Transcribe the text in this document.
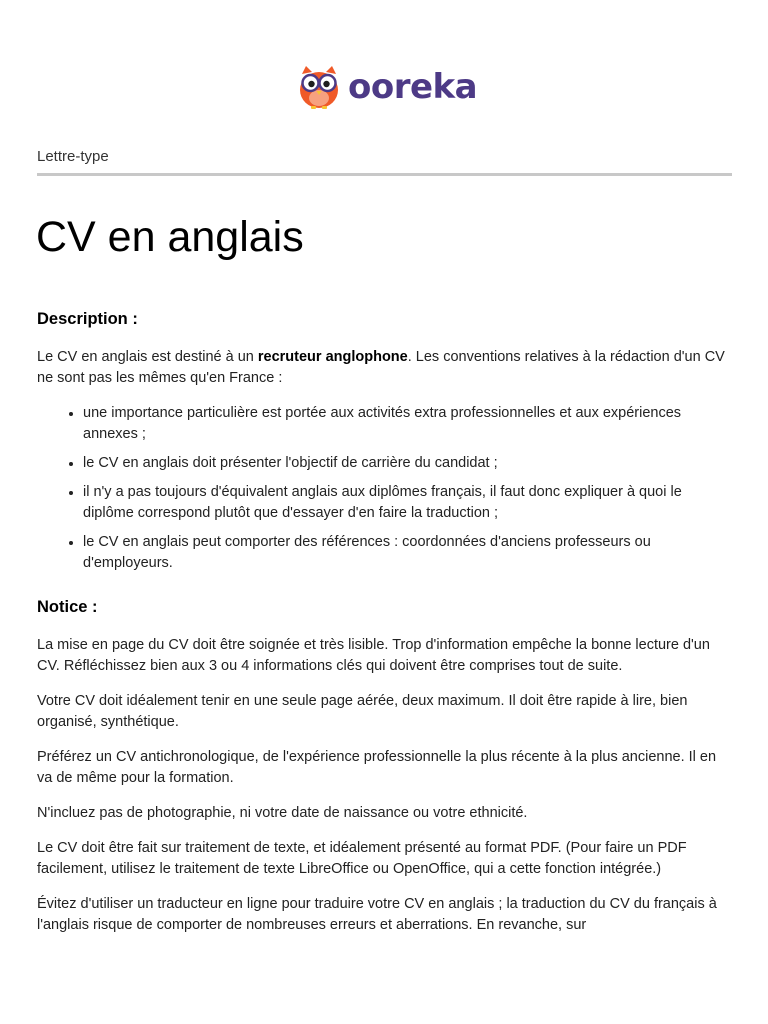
ooreka
Lettre-type
CV en anglais
Description :

Le CV en anglais est destiné à un recruteur anglophone. Les conventions relatives à la rédaction d'un CV ne sont pas les mêmes qu'en France :

• une importance particulière est portée aux activités extra professionnelles et aux expériences annexes ;
• le CV en anglais doit présenter l'objectif de carrière du candidat ;
• il n'y a pas toujours d'équivalent anglais aux diplômes français, il faut donc expliquer à quoi le diplôme correspond plutôt que d'essayer d'en faire la traduction ;
• le CV en anglais peut comporter des références : coordonnées d'anciens professeurs ou d'employeurs.
Notice :

La mise en page du CV doit être soignée et très lisible. Trop d'information empêche la bonne lecture d'un CV. Réfléchissez bien aux 3 ou 4 informations clés qui doivent être comprises tout de suite.

Votre CV doit idéalement tenir en une seule page aérée, deux maximum. Il doit être rapide à lire, bien organisé, synthétique.

Préférez un CV antichronologique, de l'expérience professionnelle la plus récente à la plus ancienne. Il en va de même pour la formation.

N'incluez pas de photographie, ni votre date de naissance ou votre ethnicité.

Le CV doit être fait sur traitement de texte, et idéalement présenté au format PDF. (Pour faire un PDF facilement, utilisez le traitement de texte LibreOffice ou OpenOffice, qui a cette fonction intégrée.)

Évitez d'utiliser un traducteur en ligne pour traduire votre CV en anglais ; la traduction du CV du français à l'anglais risque de comporter de nombreuses erreurs et aberrations. En revanche, sur
